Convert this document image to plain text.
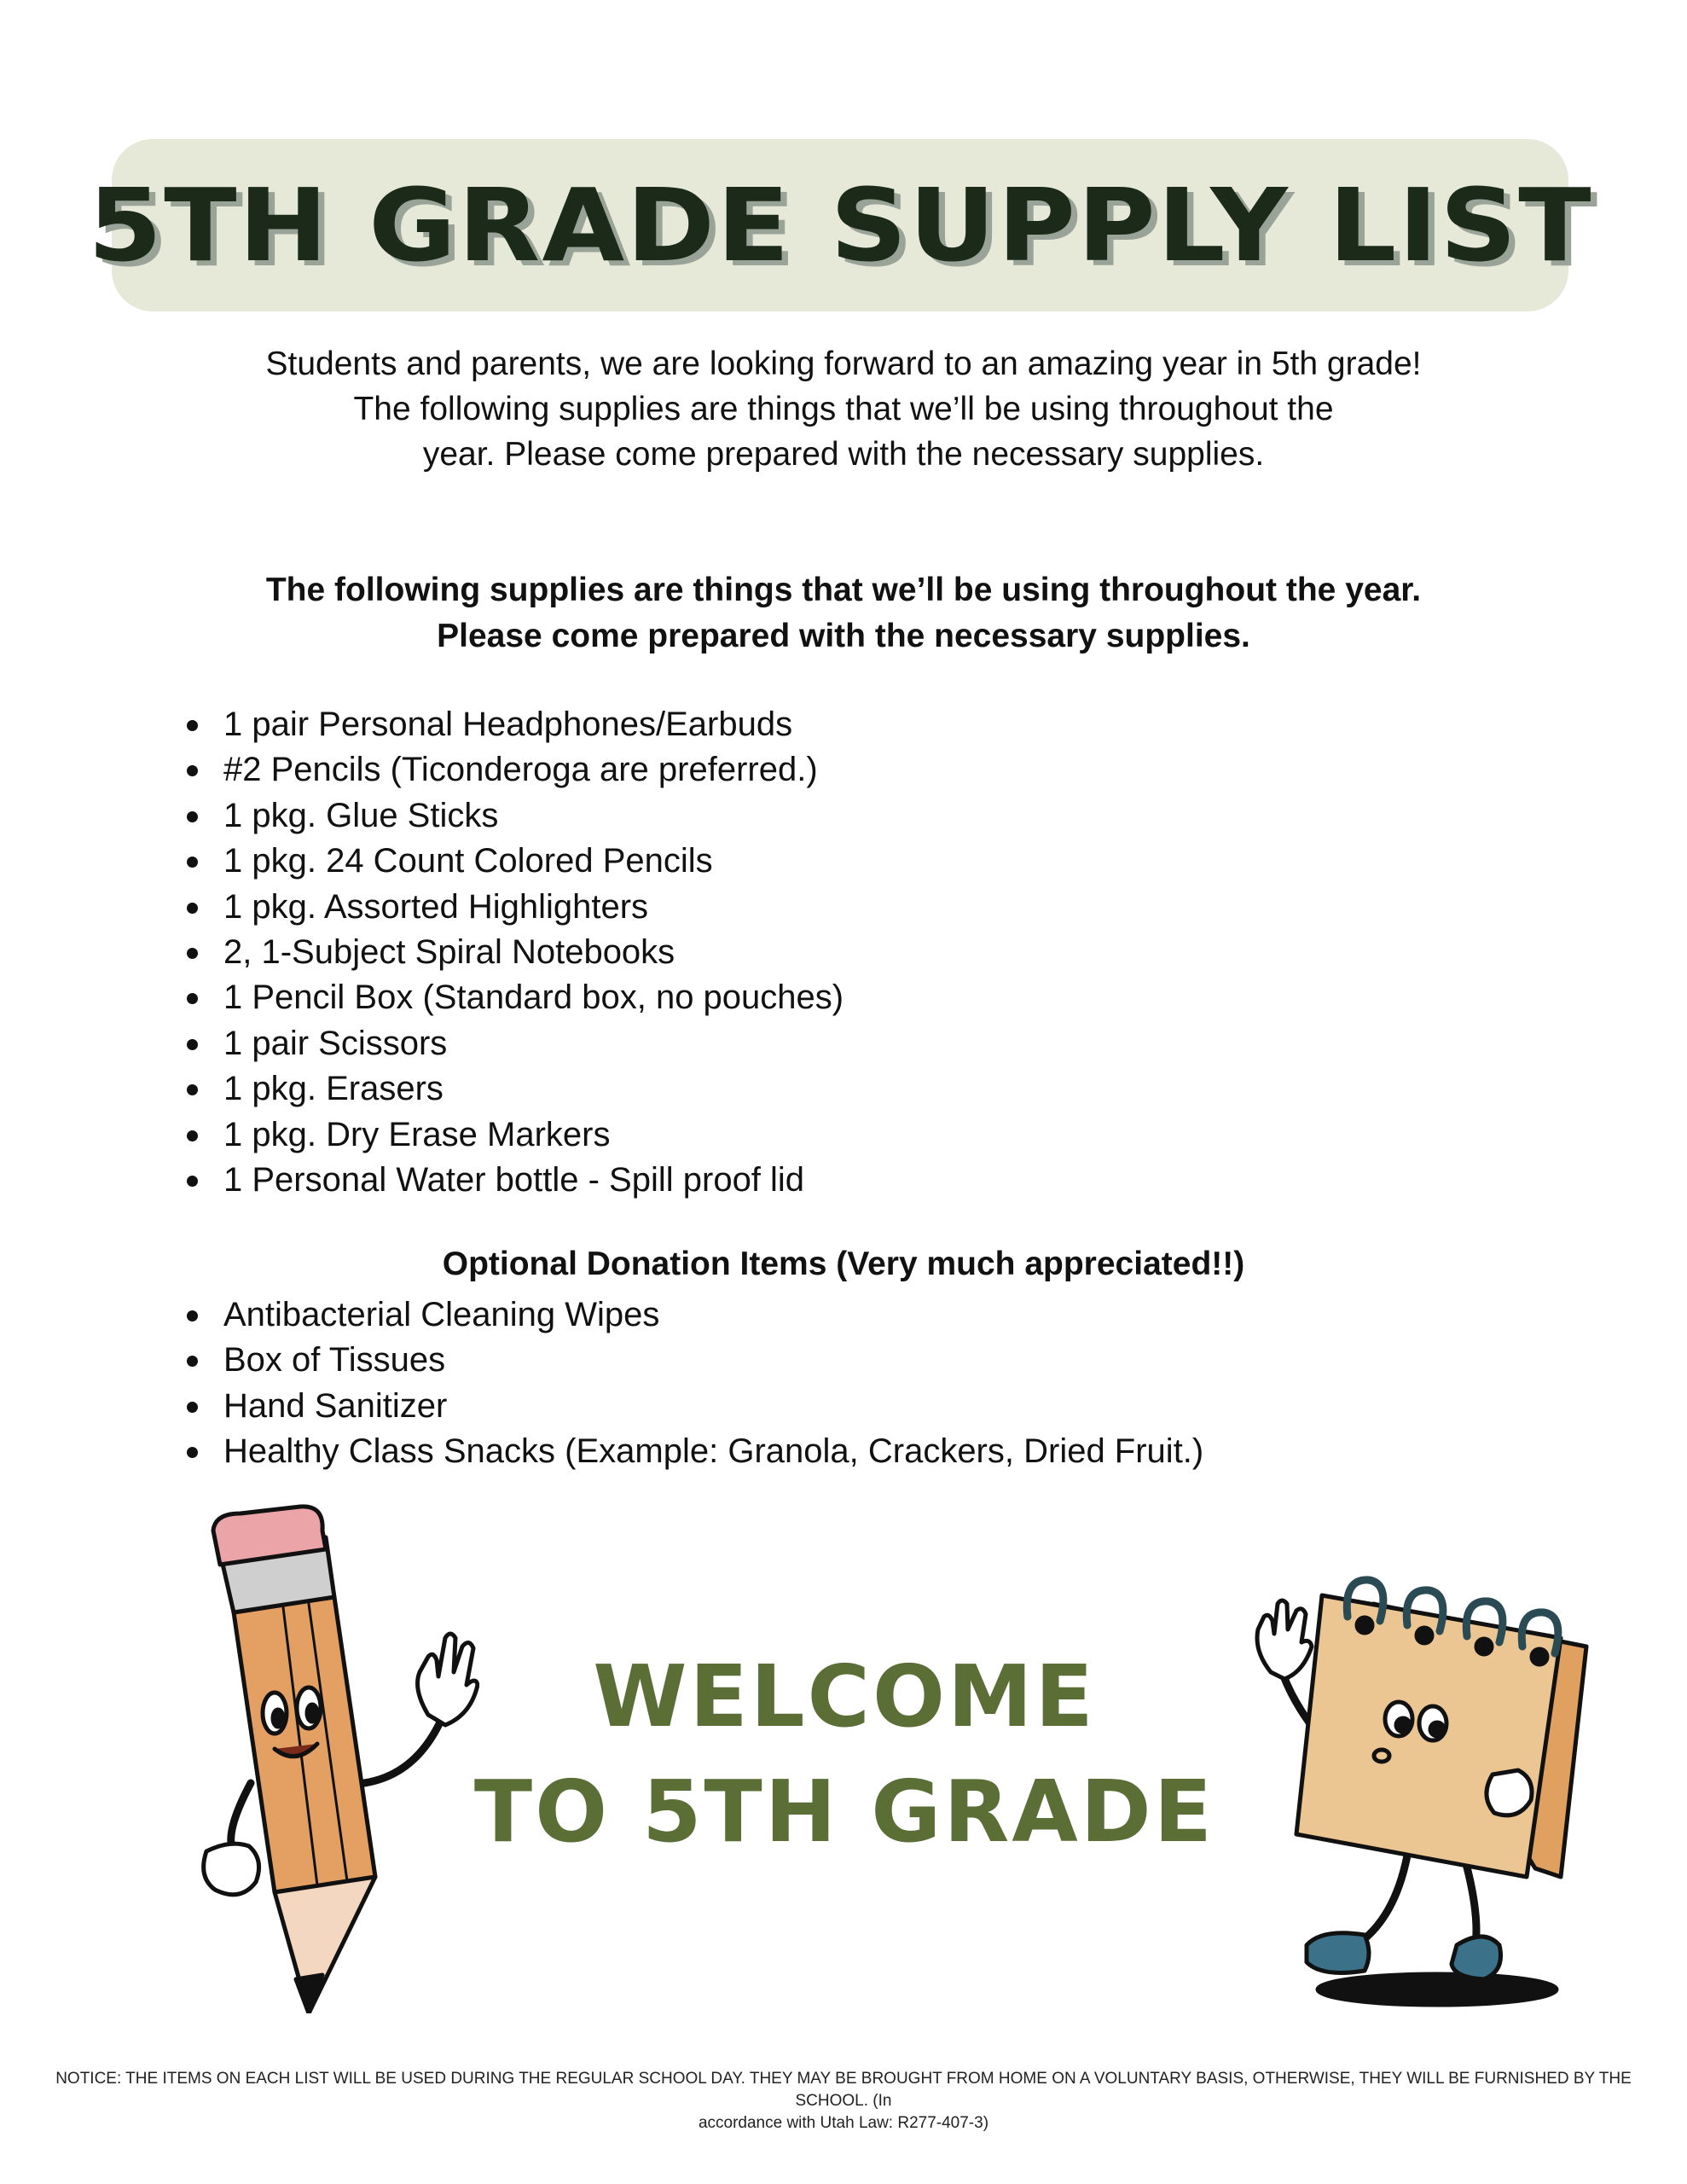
5TH GRADE SUPPLY LIST
Students and parents, we are looking forward to an amazing year in 5th grade!
The following supplies are things that we’ll be using throughout the
year. Please come prepared with the necessary supplies.
The following supplies are things that we’ll be using throughout the year.
Please come prepared with the necessary supplies.
1 pair Personal Headphones/Earbuds
#2 Pencils (Ticonderoga are preferred.)
1 pkg. Glue Sticks
1 pkg. 24 Count Colored Pencils
1 pkg. Assorted Highlighters
2, 1-Subject Spiral Notebooks
1 Pencil Box (Standard box, no pouches)
1 pair Scissors
1 pkg. Erasers
1 pkg. Dry Erase Markers
1 Personal Water bottle - Spill proof lid
Optional Donation Items (Very much appreciated!!)
Antibacterial Cleaning Wipes
Box of Tissues
Hand Sanitizer
Healthy Class Snacks (Example: Granola, Crackers, Dried Fruit.)
WELCOME
TO 5TH GRADE
NOTICE: THE ITEMS ON EACH LIST WILL BE USED DURING THE REGULAR SCHOOL DAY. THEY MAY BE BROUGHT FROM HOME ON A VOLUNTARY BASIS, OTHERWISE, THEY WILL BE FURNISHED BY THE SCHOOL. (In
accordance with Utah Law: R277-407-3)
